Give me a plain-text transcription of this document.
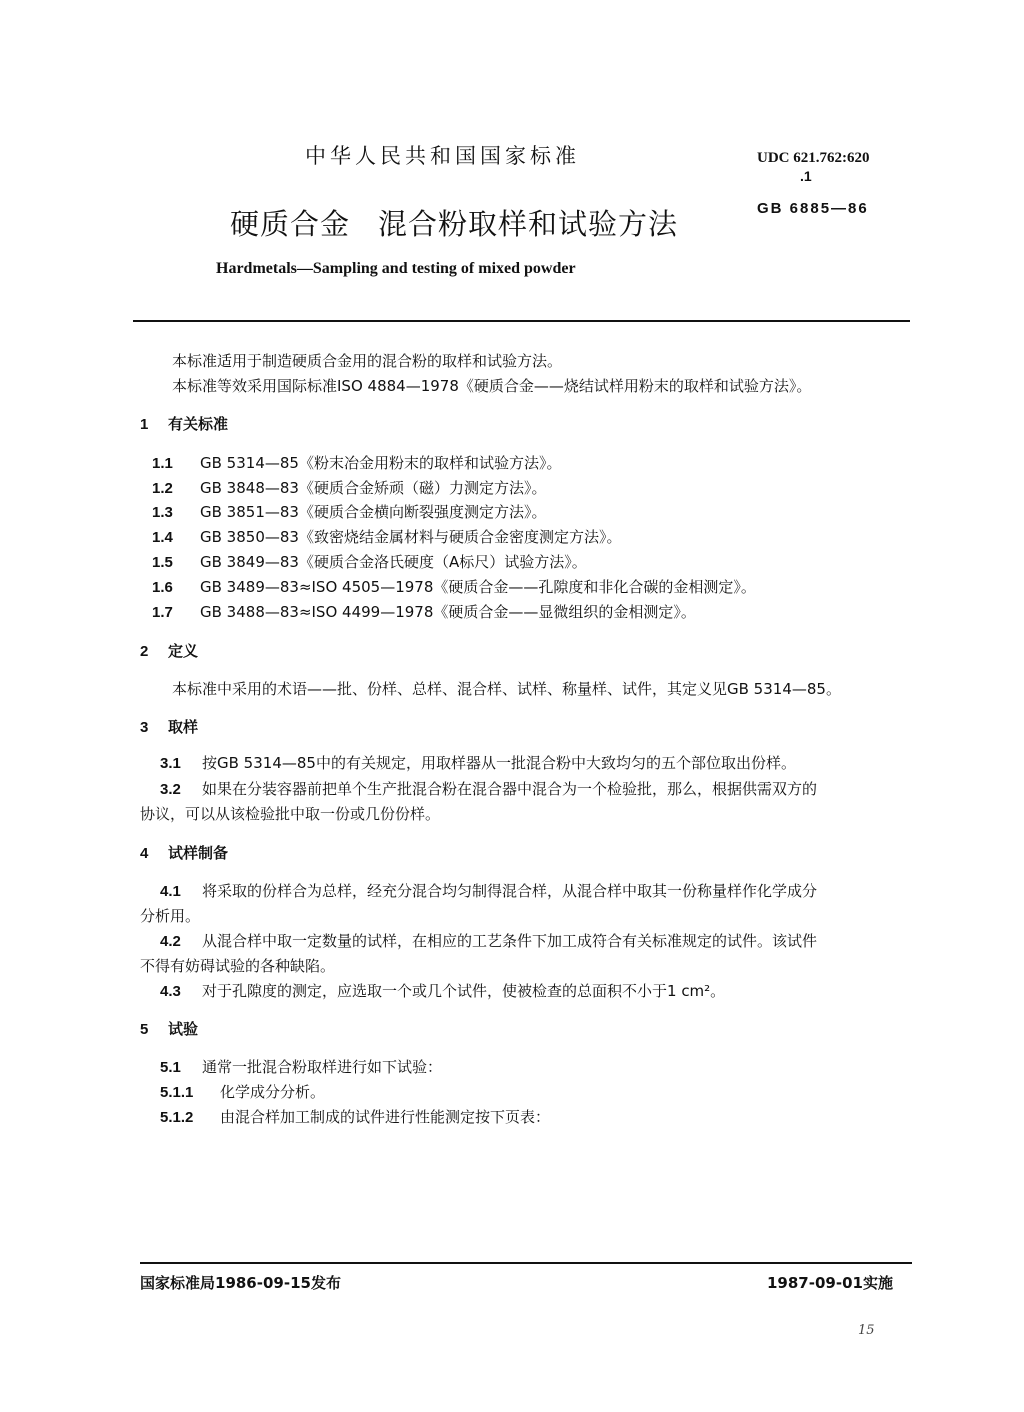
中华人民共和国国家标准	UDC 621.762:620
.1
GB 6885—86
硬质合金 混合粉取样和试验方法
Hardmetals—Sampling and testing of mixed powder
本标准适用于制造硬质合金用的混合粉的取样和试验方法。
本标准等效采用国际标准ISO 4884—1978《硬质合金——烧结试样用粉末的取样和试验方法》。
1 有关标准
1.1 GB 5314—85《粉末冶金用粉末的取样和试验方法》。
1.2 GB 3848—83《硬质合金矫顽（磁）力测定方法》。
1.3 GB 3851—83《硬质合金横向断裂强度测定方法》。
1.4 GB 3850—83《致密烧结金属材料与硬质合金密度测定方法》。
1.5 GB 3849—83《硬质合金洛氏硬度（A标尺）试验方法》。
1.6 GB 3489—83≈ISO 4505—1978《硬质合金——孔隙度和非化合碳的金相测定》。
1.7 GB 3488—83≈ISO 4499—1978《硬质合金——显微组织的金相测定》。
2 定义
本标准中采用的术语——批、份样、总样、混合样、试样、称量样、试件，其定义见GB 5314—85。
3 取样
3.1 按GB 5314—85中的有关规定，用取样器从一批混合粉中大致均匀的五个部位取出份样。
3.2 如果在分装容器前把单个生产批混合粉在混合器中混合为一个检验批，那么，根据供需双方的
协议，可以从该检验批中取一份或几份份样。
4 试样制备
4.1 将采取的份样合为总样，经充分混合均匀制得混合样，从混合样中取其一份称量样作化学成分
分析用。
4.2 从混合样中取一定数量的试样，在相应的工艺条件下加工成符合有关标准规定的试件。该试件
不得有妨碍试验的各种缺陷。
4.3 对于孔隙度的测定，应选取一个或几个试件，使被检查的总面积不小于1 cm²。
5 试验
5.1 通常一批混合粉取样进行如下试验：
5.1.1 化学成分分析。
5.1.2 由混合样加工制成的试件进行性能测定按下页表：
国家标准局1986-09-15发布	1987-09-01实施
15
